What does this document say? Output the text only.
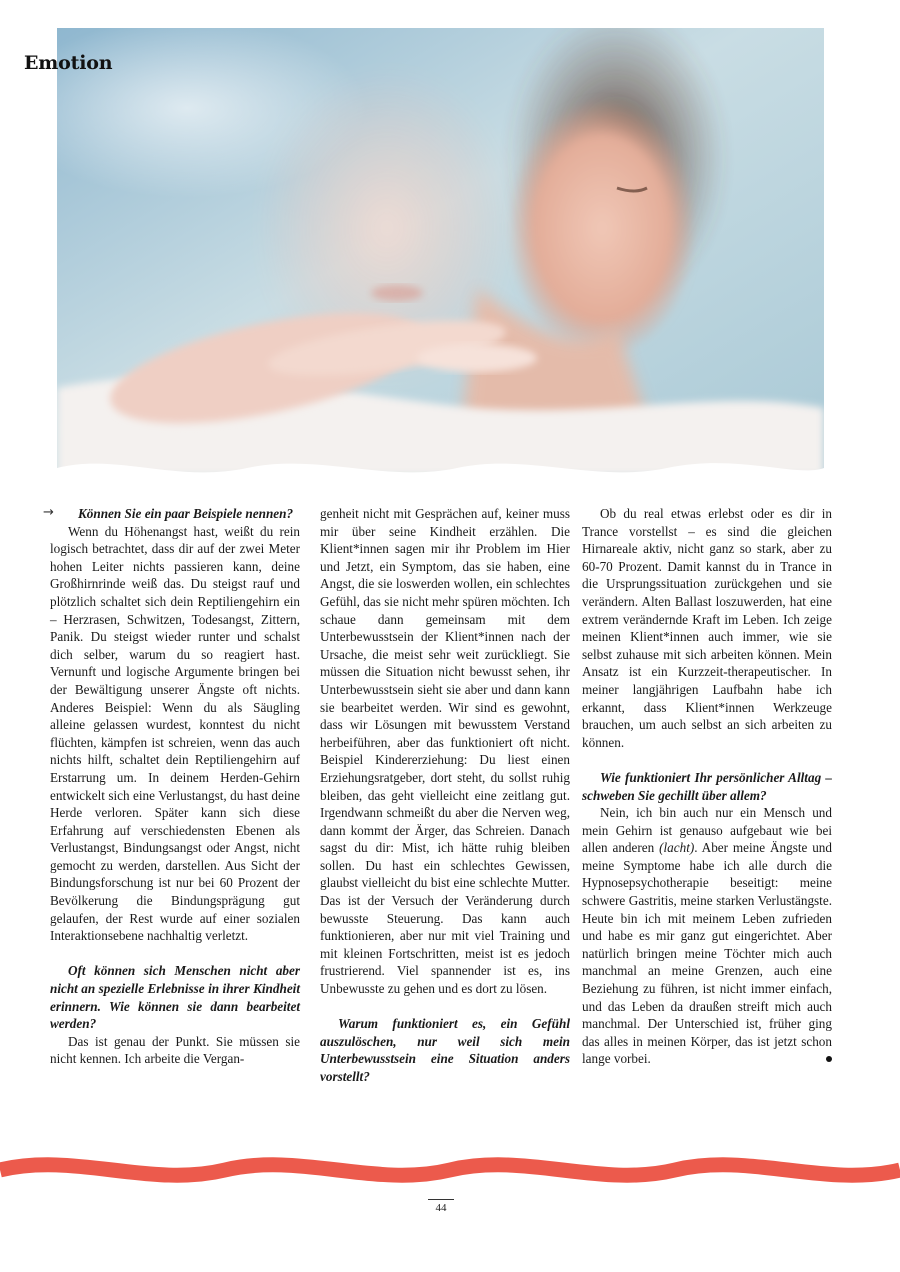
Emotion
→	Können Sie ein paar Beispiele nennen?

Wenn du Höhenangst hast, weißt du rein logisch betrachtet, dass dir auf der zwei Meter hohen Leiter nichts passieren kann, deine Großhirnrinde weiß das. Du steigst rauf und plötzlich schaltet sich dein Reptiliengehirn ein – Herzrasen, Schwitzen, Todesangst, Zittern, Panik. Du steigst wieder runter und schalst dich selber, warum du so reagiert hast. Vernunft und logische Argumente bringen bei der Bewältigung unserer Ängste oft nichts. Anderes Beispiel: Wenn du als Säugling alleine gelassen wurdest, konntest du nicht flüchten, kämpfen ist schreien, wenn das auch nichts hilft, schaltet dein Reptiliengehirn auf Erstarrung um. In deinem Herden-Gehirn entwickelt sich eine Verlustangst, du hast deine Herde verloren. Später kann sich diese Erfahrung auf verschiedensten Ebenen als Verlustangst, Bindungsangst oder Angst, nicht gemocht zu werden, darstellen. Aus Sicht der Bindungsforschung ist nur bei 60 Prozent der Bevölkerung die Bindungsprägung gut gelaufen, der Rest wurde auf einer sozialen Interaktionsebene nachhaltig verletzt.

Oft können sich Menschen nicht aber nicht an spezielle Erlebnisse in ihrer Kindheit erinnern. Wie können sie dann bearbeitet werden?

Das ist genau der Punkt. Sie müssen sie nicht kennen. Ich arbeite die Vergan-

genheit nicht mit Gesprächen auf, keiner muss mir über seine Kindheit erzählen. Die Klient*innen sagen mir ihr Problem im Hier und Jetzt, ein Symptom, das sie haben, eine Angst, die sie loswerden wollen, ein schlechtes Gefühl, das sie nicht mehr spüren möchten. Ich schaue dann gemeinsam mit dem Unterbewusstsein der Klient*innen nach der Ursache, die meist sehr weit zurückliegt. Sie müssen die Situation nicht bewusst sehen, ihr Unterbewusstsein sieht sie aber und dann kann sie bearbeitet werden. Wir sind es gewohnt, dass wir Lösungen mit bewusstem Verstand herbeiführen, aber das funktioniert oft nicht. Beispiel Kindererziehung: Du liest einen Erziehungsratgeber, dort steht, du sollst ruhig bleiben, das geht vielleicht eine zeitlang gut. Irgendwann schmeißt du aber die Nerven weg, dann kommt der Ärger, das Schreien. Danach sagst du dir: Mist, ich hätte ruhig bleiben sollen. Du hast ein schlechtes Gewissen, glaubst vielleicht du bist eine schlechte Mutter. Das ist der Versuch der Veränderung durch bewusste Steuerung. Das kann auch funktionieren, aber nur mit viel Training und mit kleinen Fortschritten, meist ist es jedoch frustrierend. Viel spannender ist es, ins Unbewusste zu gehen und es dort zu lösen.

Warum funktioniert es, ein Gefühl auszulöschen, nur weil sich mein Unterbewusstsein eine Situation anders vorstellt?

Ob du real etwas erlebst oder es dir in Trance vorstellst – es sind die gleichen Hirnareale aktiv, nicht ganz so stark, aber zu 60-70 Prozent. Damit kannst du in Trance in die Ursprungssituation zurückgehen und sie verändern. Alten Ballast loszuwerden, hat eine extrem verändernde Kraft im Leben. Ich zeige meinen Klient*innen auch immer, wie sie selbst zuhause mit sich arbeiten können. Mein Ansatz ist ein Kurzzeit-therapeutischer. In meiner langjährigen Laufbahn habe ich erkannt, dass Klient*innen Werkzeuge brauchen, um auch selbst an sich arbeiten zu können.

Wie funktioniert Ihr persönlicher Alltag – schweben Sie gechillt über allem?

Nein, ich bin auch nur ein Mensch und mein Gehirn ist genauso aufgebaut wie bei allen anderen (lacht). Aber meine Ängste und meine Symptome habe ich alle durch die Hypnosepsychotherapie beseitigt: meine schwere Gastritis, meine starken Verlustängste. Heute bin ich mit meinem Leben zufrieden und habe es mir ganz gut eingerichtet. Aber natürlich bringen meine Töchter mich auch manchmal an meine Grenzen, auch eine Beziehung zu führen, ist nicht immer einfach, und das Leben da draußen streift mich auch manchmal. Der Unterschied ist, früher ging das alles in meinen Körper, das ist jetzt schon lange vorbei.

44
